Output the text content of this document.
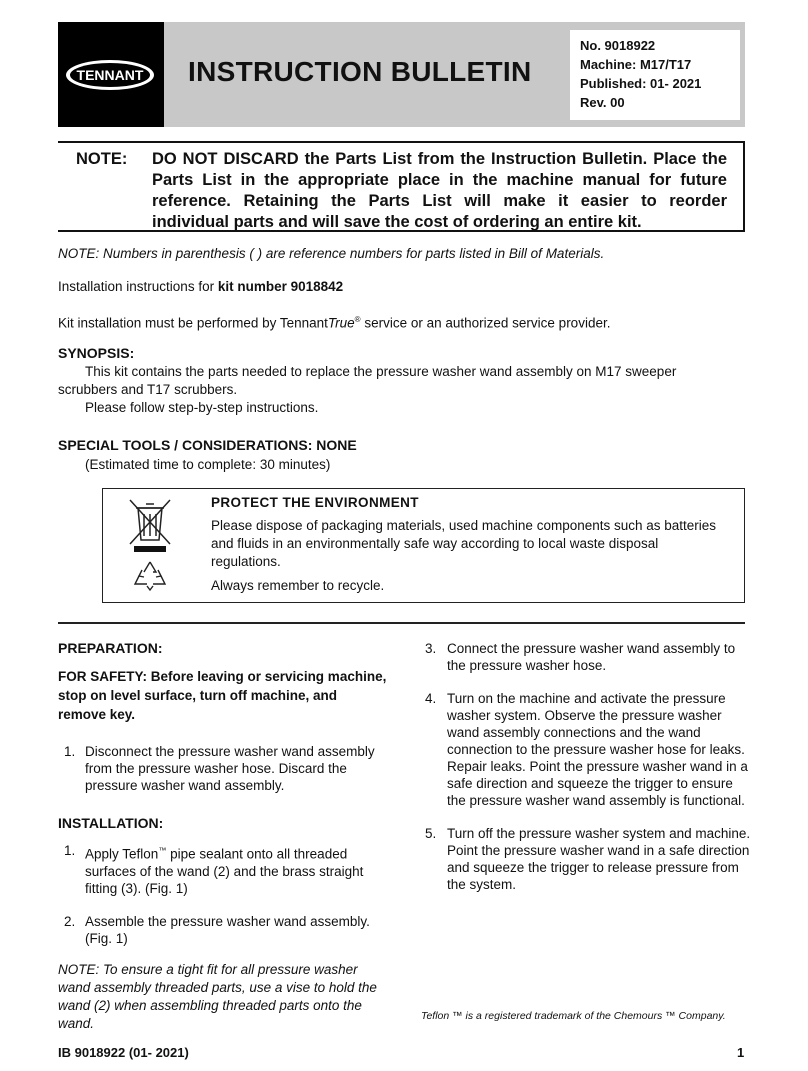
TENNANT INSTRUCTION BULLETIN
No. 9018922
Machine: M17/T17
Published: 01- 2021
Rev. 00
NOTE:	DO NOT DISCARD the Parts List from the Instruction Bulletin. Place the Parts List in the appropriate place in the machine manual for future reference. Retaining the Parts List will make it easier to reorder
individual parts and will save the cost of ordering an entire kit.
NOTE: Numbers in parenthesis ( ) are reference numbers for parts listed in Bill of Materials.
Installation instructions for kit number 9018842
Kit installation must be performed by TennantTrue® service or an authorized service provider.
SYNOPSIS:
This kit contains the parts needed to replace the pressure washer wand assembly on M17 sweeper
scrubbers and T17 scrubbers.
Please follow step-by-step instructions.
SPECIAL TOOLS / CONSIDERATIONS: NONE
(Estimated time to complete: 30 minutes)
PROTECT THE ENVIRONMENT
Please dispose of packaging materials, used machine components such as batteries and fluids in an environmentally safe way according to local waste disposal regulations.
Always remember to recycle.
PREPARATION:
FOR SAFETY: Before leaving or servicing machine, stop on level surface, turn off machine, and remove key.
1. Disconnect the pressure washer wand assembly from the pressure washer hose. Discard the pressure washer wand assembly.
INSTALLATION:
1. Apply Teflon™ pipe sealant onto all threaded surfaces of the wand (2) and the brass straight fitting (3). (Fig. 1)
2. Assemble the pressure washer wand assembly. (Fig. 1)
NOTE: To ensure a tight fit for all pressure washer wand assembly threaded parts, use a vise to hold the wand (2) when assembling threaded parts onto the wand.
3. Connect the pressure washer wand assembly to the pressure washer hose.
4. Turn on the machine and activate the pressure washer system. Observe the pressure washer wand assembly connections and the wand connection to the pressure washer hose for leaks. Repair leaks. Point the pressure washer wand in a safe direction and squeeze the trigger to ensure the pressure washer wand assembly is functional.
5. Turn off the pressure washer system and machine. Point the pressure washer wand in a safe direction and squeeze the trigger to release pressure from the system.
Teflon ™ is a registered trademark of the Chemours ™ Company.
IB 9018922 (01- 2021)	1
